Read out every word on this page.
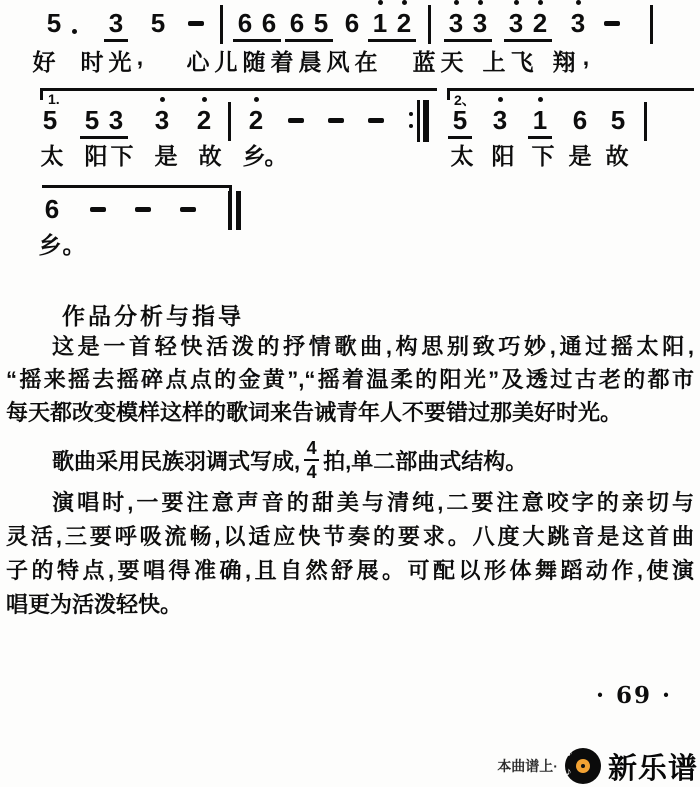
5 3 5	6 6 6 5 6 1 2 3 3 3 2 3
好 时 光 ,	心 儿 随 着 晨 风 在 蓝 天 上 飞 翔 ,
1.	2、
5 5 3 3 2 2	5 3 1 6 5
太 阳 下 是 故 乡 。	太 阳 下 是 故
6
乡 。
作品分析与指导
这是一首轻快活泼的抒情歌曲,构思别致巧妙,通过摇太阳,
“摇来摇去摇碎点点的金黄”,“摇着温柔的阳光”及透过古老的都市
每天都改变模样这样的歌词来告诫青年人不要错过那美好时光。
歌曲采用民族羽调式写成, $\frac{4}{4}$ 拍,单二部曲式结构。
演唱时,一要注意声音的甜美与清纯,二要注意咬字的亲切与
灵活,三要呼吸流畅,以适应快节奏的要求。八度大跳音是这首曲
子的特点,要唱得准确,且自然舒展。可配以形体舞蹈动作,使演
唱更为活泼轻快。
· 69 ·
本曲谱上·
♪
♪ 新乐谱
